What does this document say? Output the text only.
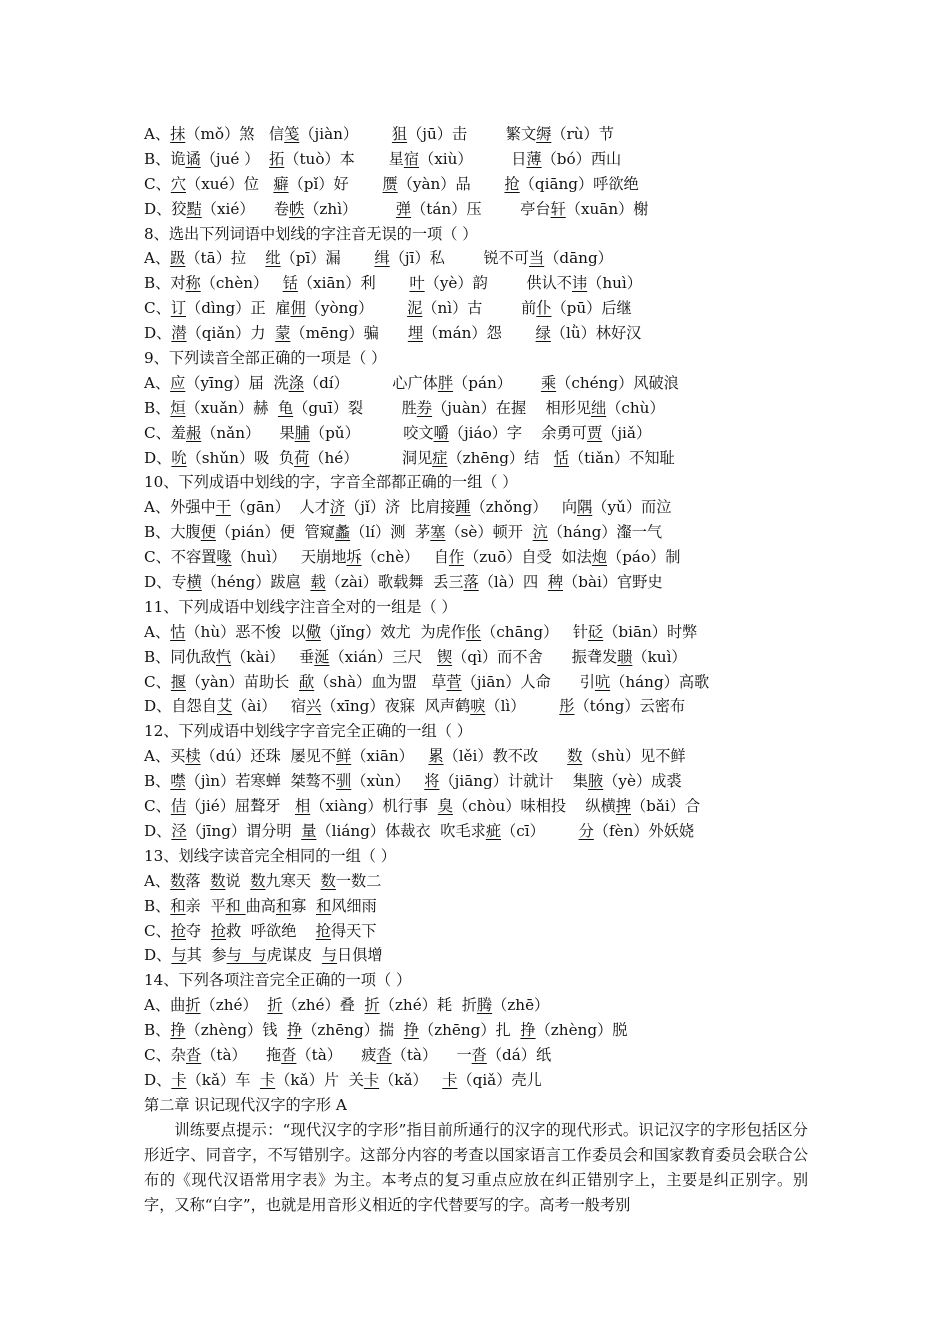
A、抹（mǒ）煞   信笺（jiàn）       狙（jū）击        繁文缛（rù）节
B、诡谲（jué ）  拓（tuò）本       星宿（xiù）        日薄（bó）西山
C、穴（xué）位   癖（pǐ）好       赝（yàn）品       抢（qiāng）呼欲绝
D、狡黠（xié）    卷帙（zhì）        弹（tán）压        亭台轩（xuān）榭
8、选出下列词语中划线的字注音无误的一项（ ）
A、趿（tā）拉    纰（pī）漏       缉（jī）私        锐不可当（dāng）
B、对称（chèn）   铦（xiān）利       叶（yè）韵        供认不讳（huì）
C、订（dìng）正  雇佣（yòng）       泥（nì）古        前仆（pū）后继
D、潜（qiǎn）力  蒙（mēng）骗      埋（mán）怨       绿（lǜ）林好汉
9、下列读音全部正确的一项是（ ）
A、应（yīng）届  洗涤（dí）         心广体胖（pán）      乘（chéng）风破浪
B、烜（xuǎn）赫  龟（guī）裂        胜券（juàn）在握    相形见绌（chù）
C、羞赧（nǎn）    果脯（pǔ）         咬文嚼（jiáo）字    余勇可贾（jiǎ）
D、吮（shǔn）吸  负荷（hé）         洞见症（zhēng）结   恬（tiǎn）不知耻
10、下列成语中划线的字，字音全部都正确的一组（ ）
A、外强中干（gān）  人才济（jǐ）济  比肩接踵（zhǒng）   向隅（yǔ）而泣
B、大腹便（pián）便  管窥蠡（lí）测  茅塞（sè）顿开  沆（háng）瀣一气
C、不容置喙（huì）   天崩地坼（chè）   自作（zuō）自受  如法炮（páo）制
D、专横（héng）跋扈  载（zài）歌载舞  丢三落（là）四  稗（bài）官野史
11、下列成语中划线字注音全对的一组是（ ）
A、怙（hù）恶不悛  以儆（jǐng）效尤  为虎作伥（chāng）   针砭（biān）时弊
B、同仇敌忾（kài）   垂涎（xián）三尺   锲（qì）而不舍      振聋发聩（kuì）
C、揠（yàn）苗助长  歃（shà）血为盟   草菅（jiān）人命      引吭（háng）高歌
D、自怨自艾（ài）   宿兴（xīng）夜寐  风声鹤唳（lì）       彤（tóng）云密布
12、下列成语中划线字字音完全正确的一组（ ）
A、买椟（dú）还珠  屡见不鲜（xiān）   累（lěi）教不改      数（shù）见不鲜
B、噤（jìn）若寒蝉  桀骜不驯（xùn）   将（jiāng）计就计    集腋（yè）成裘
C、佶（jié）屈聱牙   相（xiàng）机行事  臭（chòu）味相投    纵横捭（bǎi）合
D、泾（jīng）谓分明  量（liáng）体裁衣  吹毛求疵（cī）       分（fèn）外妖娆
13、划线字读音完全相同的一组（ ）
A、数落  数说  数九寒天  数一数二
B、和亲  平和 曲高和寡  和风细雨
C、抢夺  抢救  呼欲绝    抢得天下
D、与其  参与  与虎谋皮  与日俱增
14、下列各项注音完全正确的一项（ ）
A、曲折（zhé）  折（zhé）叠  折（zhé）耗  折腾（zhē）
B、挣（zhèng）钱  挣（zhēng）揣  挣（zhēng）扎  挣（zhèng）脱
C、杂沓（tà）    拖沓（tà）    疲沓（tà）    一沓（dá）纸
D、卡（kǎ）车  卡（kǎ）片  关卡（kǎ）   卡（qiǎ）壳儿
第二章 识记现代汉字的字形 A

训练要点提示：“现代汉字的字形”指目前所通行的汉字的现代形式。识记汉字的字形包括区分形近字、同音字，不写错别字。这部分内容的考查以国家语言工作委员会和国家教育委员会联合公布的《现代汉语常用字表》为主。本考点的复习重点应放在纠正错别字上，主要是纠正别字。别字，又称“白字”，也就是用音形义相近的字代替要写的字。高考一般考别
